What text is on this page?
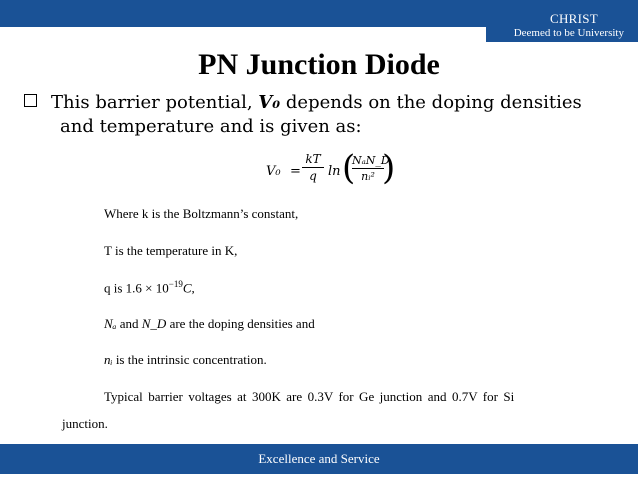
CHRIST
Deemed to be University
PN Junction Diode
This barrier potential, V₀ depends on the doping densities
and temperature and is given as:
V₀ =
kT
q ln (
NₐN_D
nᵢ² )
Where k is the Boltzmann’s constant,
T is the temperature in K,
q is $1.6 \times 10^{-19}C$,
Nₐ and N_D are the doping densities and
nᵢ is the intrinsic concentration.
Typical barrier voltages at 300K are 0.3V for Ge junction and 0.7V for Si
junction.
Excellence and Service
